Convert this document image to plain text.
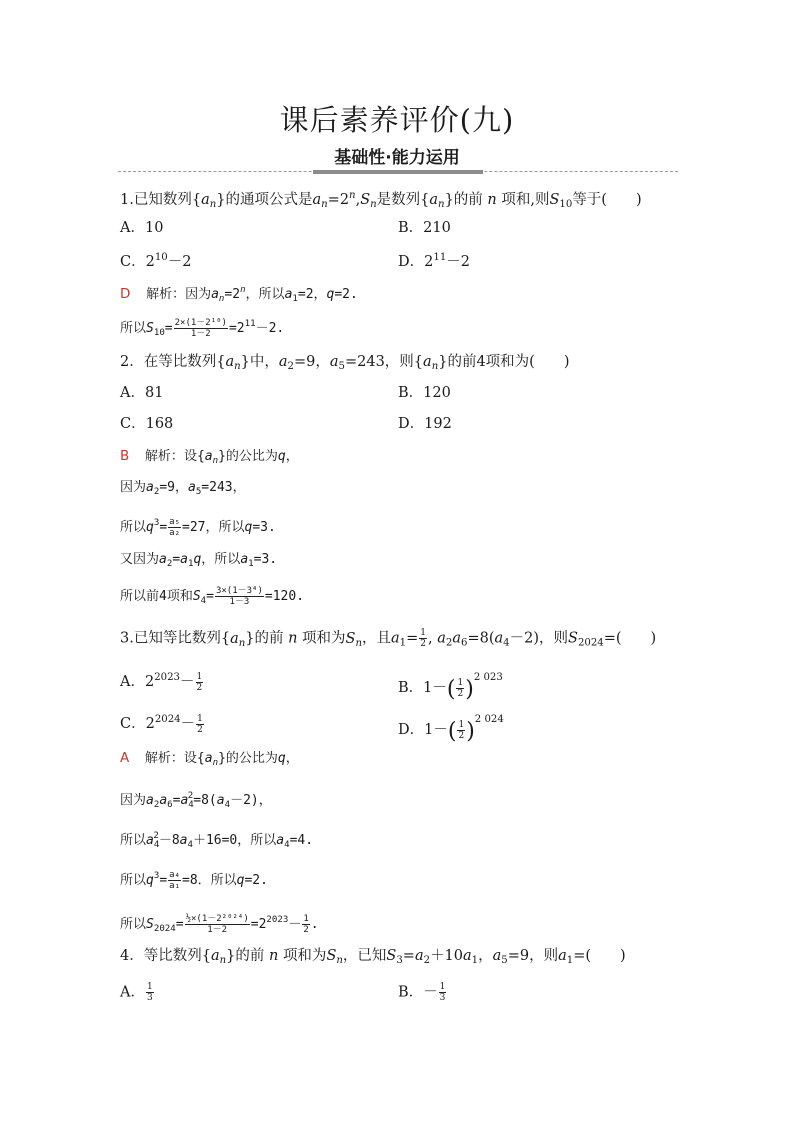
课后素养评价(九)
基础性·能力运用
1.已知数列$\{a_n\}$的通项公式是$a_n=2^n,S_n$是数列$\{a_n\}$的前 n 项和,则$S_{10}$等于(　　)
A．10	B．210
C．$2^{10}-2$	D．$2^{11}-2$
D 解析：因为$a_n=2^n$，所以$a_1=2$，q=2.
所以$S_{10}= \frac{\text{2×(1－2¹⁰)}}{1-2} =2^{11}-2$.
2．在等比数列$\{a_n\}$中，$a_2=9$，$a_5=243$，则$\{a_n\}$的前4项和为(　　)
A．81	B．120
C．168	D．192
B 解析：设$\{a_n\}$的公比为q，
因为$a_2=9$，$a_5=243$，
所以$q^3= \frac{\text{a₅}}{\text{a₂}} =27$，所以q=3.
又因为$a_2=a_1q$，所以$a_1=3$.
所以前4项和$S_4= \frac{\text{3×(1－3⁴)}}{1-3} =120$.
3.已知等比数列$\{a_n\}$的前 n 项和为$S_n$，且$a_1= \frac{1}{2}$ , $a_2a_6=8(a_4-2)$，则$S_{2024}=$(　　)
A．$2^{2023}- \frac{1}{2}$	B．$1-( \frac{1}{2} )^{2 023}$
C．$2^{2024}- \frac{1}{2}$	D．$1-( \frac{1}{2} )^{2 024}$
A 解析：设$\{a_n\}$的公比为q，
因为$a_2a_6=a_4^2=8(a_4-2)$，
所以$a_4^2-8a_4+16=0$，所以$a_4=4$.
所以$q^3= \frac{\text{a₄}}{\text{a₁}} =8$．所以q=2.
所以$S_{2024}= \frac{\text{½×(1－2²⁰²⁴)}}{1-2} =2^{2023}- \frac{1}{2}$ .
4．等比数列$\{a_n\}$的前 n 项和为$S_n$，已知$S_3=a_2+10a_1$，$a_5=9$，则$a_1=$(　　)
A． $\frac{1}{3}$	B．－ $\frac{1}{3}$
